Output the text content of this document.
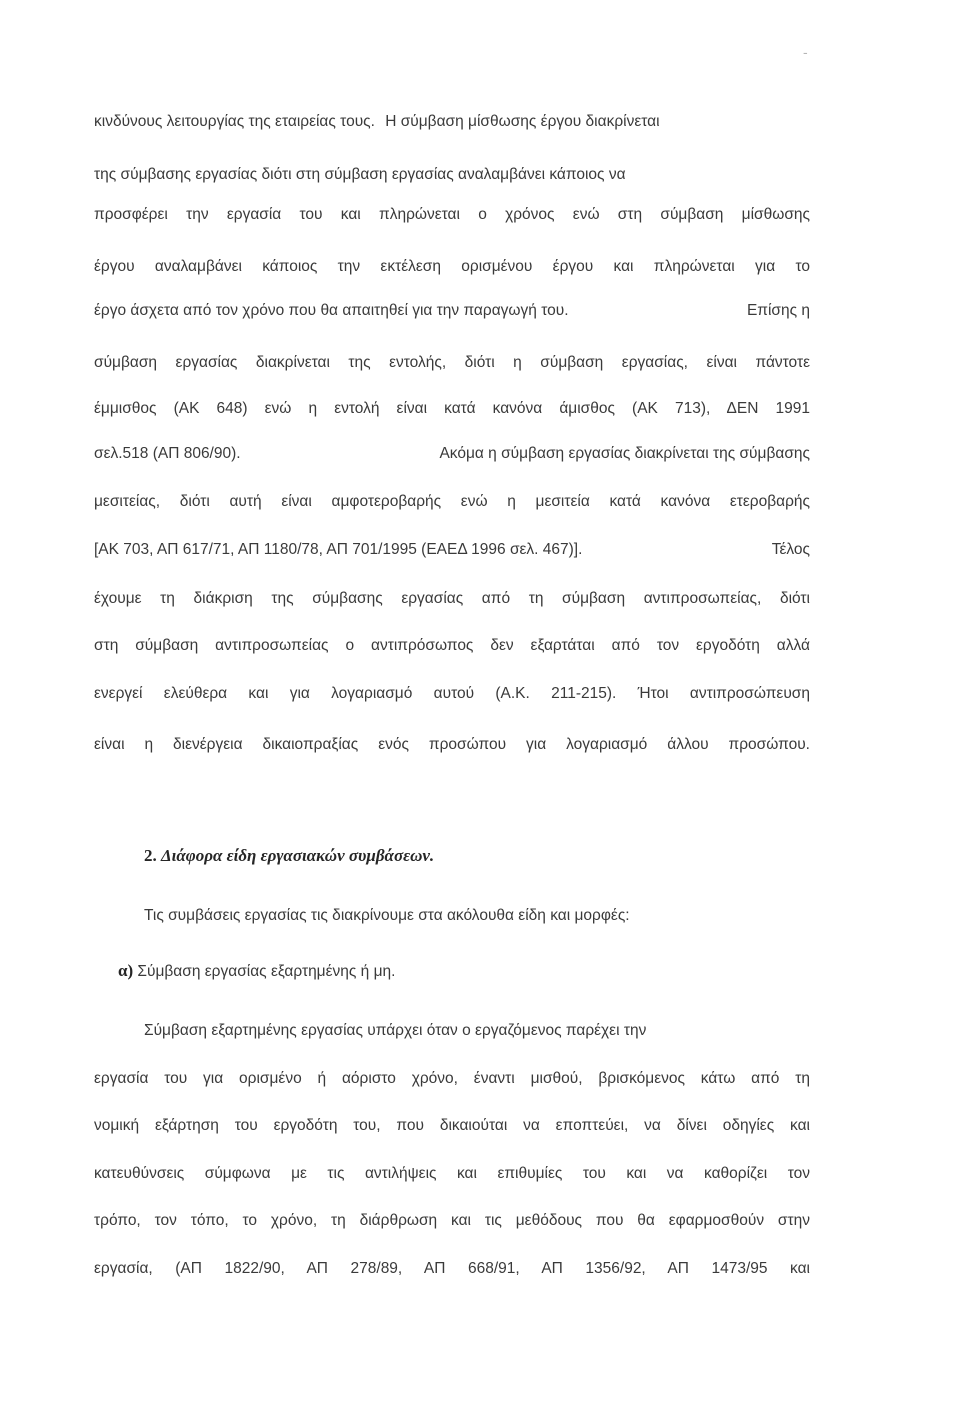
-
κινδύνους λειτουργίας της εταιρείας τους. Η σύμβαση μίσθωσης έργου διακρίνεται
της σύμβασης εργασίας διότι στη σύμβαση εργασίας αναλαμβάνει κάποιος να
προσφέρει την εργασία του και πληρώνεται ο χρόνος ενώ στη σύμβαση μίσθωσης
έργου αναλαμβάνει κάποιος την εκτέλεση ορισμένου έργου και πληρώνεται για το
έργο άσχετα από τον χρόνο που θα απαιτηθεί για την παραγωγή του.	Επίσης η
σύμβαση εργασίας διακρίνεται της εντολής, διότι η σύμβαση εργασίας, είναι πάντοτε
έμμισθος (ΑΚ 648) ενώ η εντολή είναι κατά κανόνα άμισθος (ΑΚ 713), ΔΕΝ 1991
σελ.518 (ΑΠ 806/90).	Ακόμα η σύμβαση εργασίας διακρίνεται της σύμβασης
μεσιτείας, διότι αυτή είναι αμφοτεροβαρής ενώ η μεσιτεία κατά κανόνα ετεροβαρής
[ΑΚ 703, ΑΠ 617/71, ΑΠ 1180/78, ΑΠ 701/1995 (ΕΑΕΔ 1996 σελ. 467)].	Τέλος
έχουμε τη διάκριση της σύμβασης εργασίας από τη σύμβαση αντιπροσωπείας, διότι
στη σύμβαση αντιπροσωπείας ο αντιπρόσωπος δεν εξαρτάται από τον εργοδότη αλλά
ενεργεί ελεύθερα και για λογαριασμό αυτού (Α.Κ. 211-215). Ήτοι αντιπροσώπευση
είναι η διενέργεια δικαιοπραξίας ενός προσώπου για λογαριασμό άλλου προσώπου.
2. Διάφορα είδη εργασιακών συμβάσεων.
Τις συμβάσεις εργασίας τις διακρίνουμε στα ακόλουθα είδη και μορφές:
α) Σύμβαση εργασίας εξαρτημένης ή μη.
Σύμβαση εξαρτημένης εργασίας υπάρχει όταν ο εργαζόμενος παρέχει την
εργασία του για ορισμένο ή αόριστο χρόνο, έναντι μισθού, βρισκόμενος κάτω από τη
νομική εξάρτηση του εργοδότη του, που δικαιούται να εποπτεύει, να δίνει οδηγίες και
κατευθύνσεις σύμφωνα με τις αντιλήψεις και επιθυμίες του και να καθορίζει τον
τρόπο, τον τόπο, το χρόνο, τη διάρθρωση και τις μεθόδους που θα εφαρμοσθούν στην
εργασία, (ΑΠ 1822/90, ΑΠ 278/89, ΑΠ 668/91, ΑΠ 1356/92, ΑΠ 1473/95 και
